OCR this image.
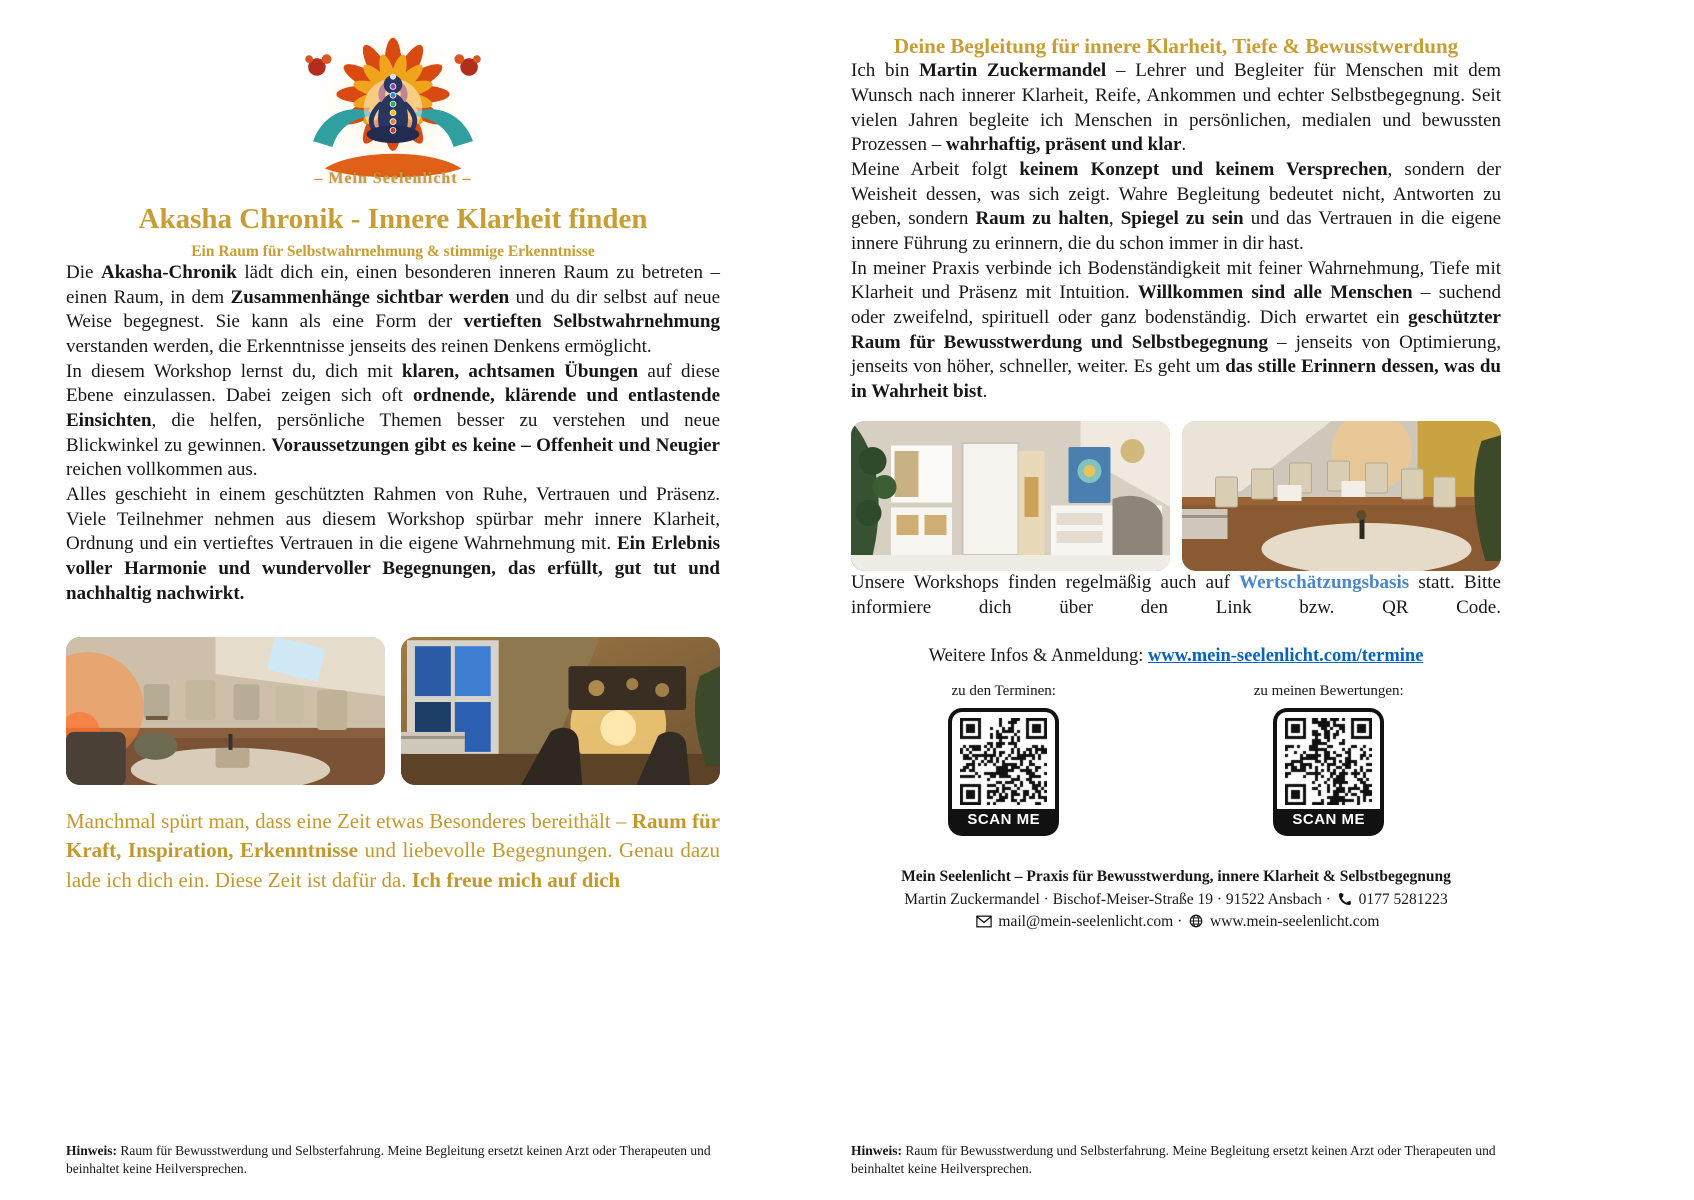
– Mein Seelenlicht –
Akasha Chronik - Innere Klarheit finden
Ein Raum für Selbstwahrnehmung & stimmige Erkenntnisse

Die Akasha-Chronik lädt dich ein, einen besonderen inneren Raum zu betreten – einen Raum, in dem Zusammenhänge sichtbar werden und du dir selbst auf neue Weise begegnest. Sie kann als eine Form der vertieften Selbstwahrnehmung verstanden werden, die Erkenntnisse jenseits des reinen Denkens ermöglicht.

In diesem Workshop lernst du, dich mit klaren, achtsamen Übungen auf diese Ebene einzulassen. Dabei zeigen sich oft ordnende, klärende und entlastende Einsichten, die helfen, persönliche Themen besser zu verstehen und neue Blickwinkel zu gewinnen. Voraussetzungen gibt es keine – Offenheit und Neugier reichen vollkommen aus.

Alles geschieht in einem geschützten Rahmen von Ruhe, Vertrauen und Präsenz. Viele Teilnehmer nehmen aus diesem Workshop spürbar mehr innere Klarheit, Ordnung und ein vertieftes Vertrauen in die eigene Wahrnehmung mit. Ein Erlebnis voller Harmonie und wundervoller Begegnungen, das erfüllt, gut tut und nachhaltig nachwirkt.

Manchmal spürt man, dass eine Zeit etwas Besonderes bereithält – Raum für Kraft, Inspiration, Erkenntnisse und liebevolle Begegnungen. Genau dazu lade ich dich ein. Diese Zeit ist dafür da. Ich freue mich auf dich

Hinweis: Raum für Bewusstwerdung und Selbsterfahrung. Meine Begleitung ersetzt keinen Arzt oder Therapeuten und beinhaltet keine Heilversprechen.

Deine Begleitung für innere Klarheit, Tiefe & Bewusstwerdung

Ich bin Martin Zuckermandel – Lehrer und Begleiter für Menschen mit dem Wunsch nach innerer Klarheit, Reife, Ankommen und echter Selbstbegegnung. Seit vielen Jahren begleite ich Menschen in persönlichen, medialen und bewussten Prozessen – wahrhaftig, präsent und klar.

Meine Arbeit folgt keinem Konzept und keinem Versprechen, sondern der Weisheit dessen, was sich zeigt. Wahre Begleitung bedeutet nicht, Antworten zu geben, sondern Raum zu halten, Spiegel zu sein und das Vertrauen in die eigene innere Führung zu erinnern, die du schon immer in dir hast.

In meiner Praxis verbinde ich Bodenständigkeit mit feiner Wahrnehmung, Tiefe mit Klarheit und Präsenz mit Intuition. Willkommen sind alle Menschen – suchend oder zweifelnd, spirituell oder ganz bodenständig. Dich erwartet ein geschützter Raum für Bewusstwerdung und Selbstbegegnung – jenseits von Optimierung, jenseits von höher, schneller, weiter. Es geht um das stille Erinnern dessen, was du in Wahrheit bist.

Unsere Workshops finden regelmäßig auch auf Wertschätzungsbasis statt. Bitte informiere dich über den Link bzw. QR Code.

Weitere Infos & Anmeldung: www.mein-seelenlicht.com/termine

zu den Terminen:
SCAN ME
zu meinen Bewertungen:
SCAN ME
Mein Seelenlicht – Praxis für Bewusstwerdung, innere Klarheit & Selbstbegegnung
Martin Zuckermandel · Bischof-Meiser-Straße 19 · 91522 Ansbach · 0177 5281223
mail@mein-seelenlicht.com · www.mein-seelenlicht.com

Hinweis: Raum für Bewusstwerdung und Selbsterfahrung. Meine Begleitung ersetzt keinen Arzt oder Therapeuten und beinhaltet keine Heilversprechen.
